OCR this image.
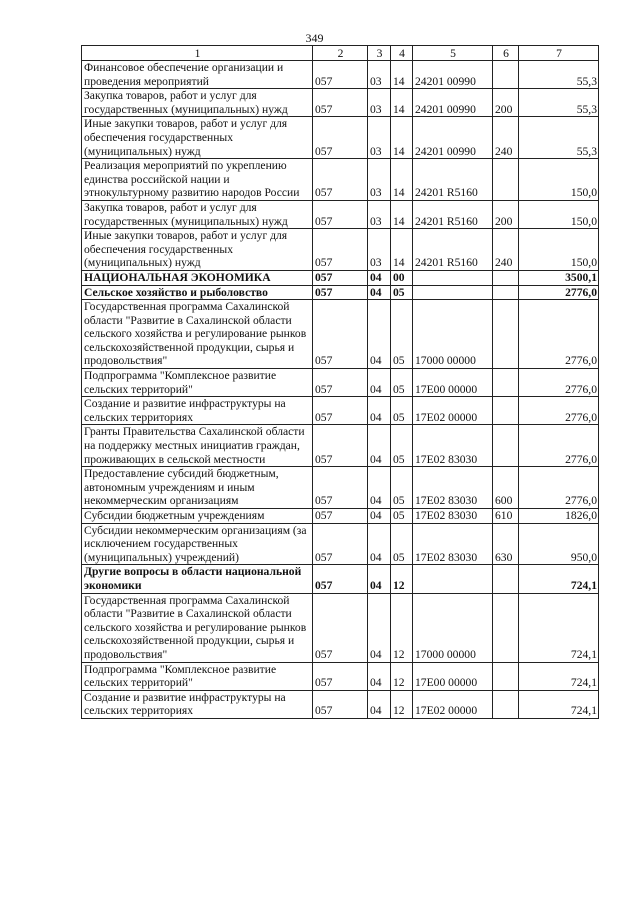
349
1	2	3	4	5	6	7
Финансовое обеспечение организации и проведения мероприятий	057	03	14	24201 00990		55,3
Закупка товаров, работ и услуг для государственных (муниципальных) нужд	057	03	14	24201 00990	200	55,3
Иные закупки товаров, работ и услуг для обеспечения государственных (муниципальных) нужд	057	03	14	24201 00990	240	55,3
Реализация мероприятий по укреплению единства российской нации и этнокультурному развитию народов России	057	03	14	24201 R5160		150,0
Закупка товаров, работ и услуг для государственных (муниципальных) нужд	057	03	14	24201 R5160	200	150,0
Иные закупки товаров, работ и услуг для обеспечения государственных (муниципальных) нужд	057	03	14	24201 R5160	240	150,0
НАЦИОНАЛЬНАЯ ЭКОНОМИКА	057	04	00			3500,1
Сельское хозяйство и рыболовство	057	04	05			2776,0
Государственная программа Сахалинской области "Развитие в Сахалинской области сельского хозяйства и регулирование рынков сельскохозяйственной продукции, сырья и продовольствия"	057	04	05	17000 00000		2776,0
Подпрограмма "Комплексное развитие сельских территорий"	057	04	05	17Е00 00000		2776,0
Создание и развитие инфраструктуры на сельских территориях	057	04	05	17Е02 00000		2776,0
Гранты Правительства Сахалинской области на поддержку местных инициатив граждан, проживающих в сельской местности	057	04	05	17Е02 83030		2776,0
Предоставление субсидий бюджетным, автономным учреждениям и иным некоммерческим организациям	057	04	05	17Е02 83030	600	2776,0
Субсидии бюджетным учреждениям	057	04	05	17Е02 83030	610	1826,0
Субсидии некоммерческим организациям (за исключением государственных (муниципальных) учреждений)	057	04	05	17Е02 83030	630	950,0
Другие вопросы в области национальной экономики	057	04	12			724,1
Государственная программа Сахалинской области "Развитие в Сахалинской области сельского хозяйства и регулирование рынков сельскохозяйственной продукции, сырья и продовольствия"	057	04	12	17000 00000		724,1
Подпрограмма "Комплексное развитие сельских территорий"	057	04	12	17Е00 00000		724,1
Создание и развитие инфраструктуры на сельских территориях	057	04	12	17Е02 00000		724,1
